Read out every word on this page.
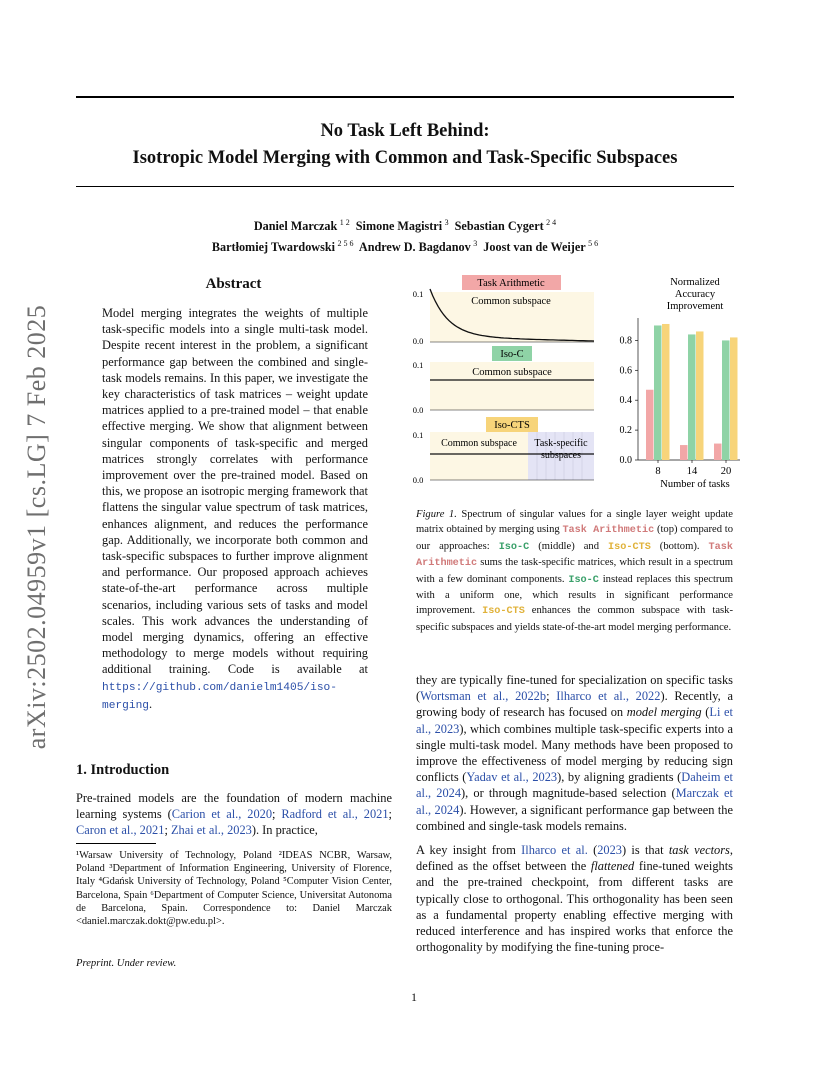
No Task Left Behind:
Isotropic Model Merging with Common and Task-Specific Subspaces
Daniel Marczak  $^{1 2}$ Simone Magistri  $^3$ Sebastian Cygert  $^{2 4}$
Bartłomiej Twardowski  $^{2 5 6}$ Andrew D. Bagdanov  $^3$ Joost van de Weijer  $^{5 6}$
arXiv:2502.04959v1 [cs.LG] 7 Feb 2025
Abstract
Model merging integrates the weights of multiple task-specific models into a single multi-task model. Despite recent interest in the problem, a significant performance gap between the combined and single-task models remains. In this paper, we investigate the key characteristics of task matrices – weight update matrices applied to a pre-trained model – that enable effective merging. We show that alignment between singular components of task-specific and merged matrices strongly correlates with performance improvement over the pre-trained model. Based on this, we propose an isotropic merging framework that flattens the singular value spectrum of task matrices, enhances alignment, and reduces the performance gap. Additionally, we incorporate both common and task-specific subspaces to further improve alignment and performance. Our proposed approach achieves state-of-the-art performance across multiple scenarios, including various sets of tasks and model scales. This work advances the understanding of model merging dynamics, offering an effective methodology to merge models without requiring additional training. Code is available at https://github.com/danielm1405/iso-merging.
1. Introduction
Pre-trained models are the foundation of modern machine learning systems (Carion et al., 2020; Radford et al., 2021; Caron et al., 2021; Zhai et al., 2023). In practice,
¹Warsaw University of Technology, Poland ²IDEAS NCBR, Warsaw, Poland ³Department of Information Engineering, University of Florence, Italy ⁴Gdańsk University of Technology, Poland ⁵Computer Vision Center, Barcelona, Spain ⁶Department of Computer Science, Universitat Autonoma de Barcelona, Spain. Correspondence to: Daniel Marczak <daniel.marczak.dokt@pw.edu.pl>.
Preprint. Under review.
Task Arithmetic
Common subspace
0.1
0.0
Iso-C
Common subspace
0.1
0.0
Iso-CTS
Common subspace Task-specific
subspaces
0.1
0.0
Normalized
Accuracy
Improvement
0.0
0.2
0.4
0.6
0.8
8 14 20
Number of tasks
Figure 1. Spectrum of singular values for a single layer weight update matrix obtained by merging using Task Arithmetic (top) compared to our approaches: Iso-C (middle) and Iso-CTS (bottom). Task Arithmetic sums the task-specific matrices, which result in a spectrum with a few dominant components. Iso-C instead replaces this spectrum with a uniform one, which results in significant performance improvement. Iso-CTS enhances the common subspace with task-specific subspaces and yields state-of-the-art model merging performance.

they are typically fine-tuned for specialization on specific tasks (Wortsman et al., 2022b; Ilharco et al., 2022). Recently, a growing body of research has focused on model merging (Li et al., 2023), which combines multiple task-specific experts into a single multi-task model. Many methods have been proposed to improve the effectiveness of model merging by reducing sign conflicts (Yadav et al., 2023), by aligning gradients (Daheim et al., 2024), or through magnitude-based selection (Marczak et al., 2024). However, a significant performance gap between the combined and single-task models remains.

A key insight from Ilharco et al. (2023) is that task vectors, defined as the offset between the flattened fine-tuned weights and the pre-trained checkpoint, from different tasks are typically close to orthogonal. This orthogonality has been seen as a fundamental property enabling effective merging with reduced interference and has inspired works that enforce the orthogonality by modifying the fine-tuning proce-

1
